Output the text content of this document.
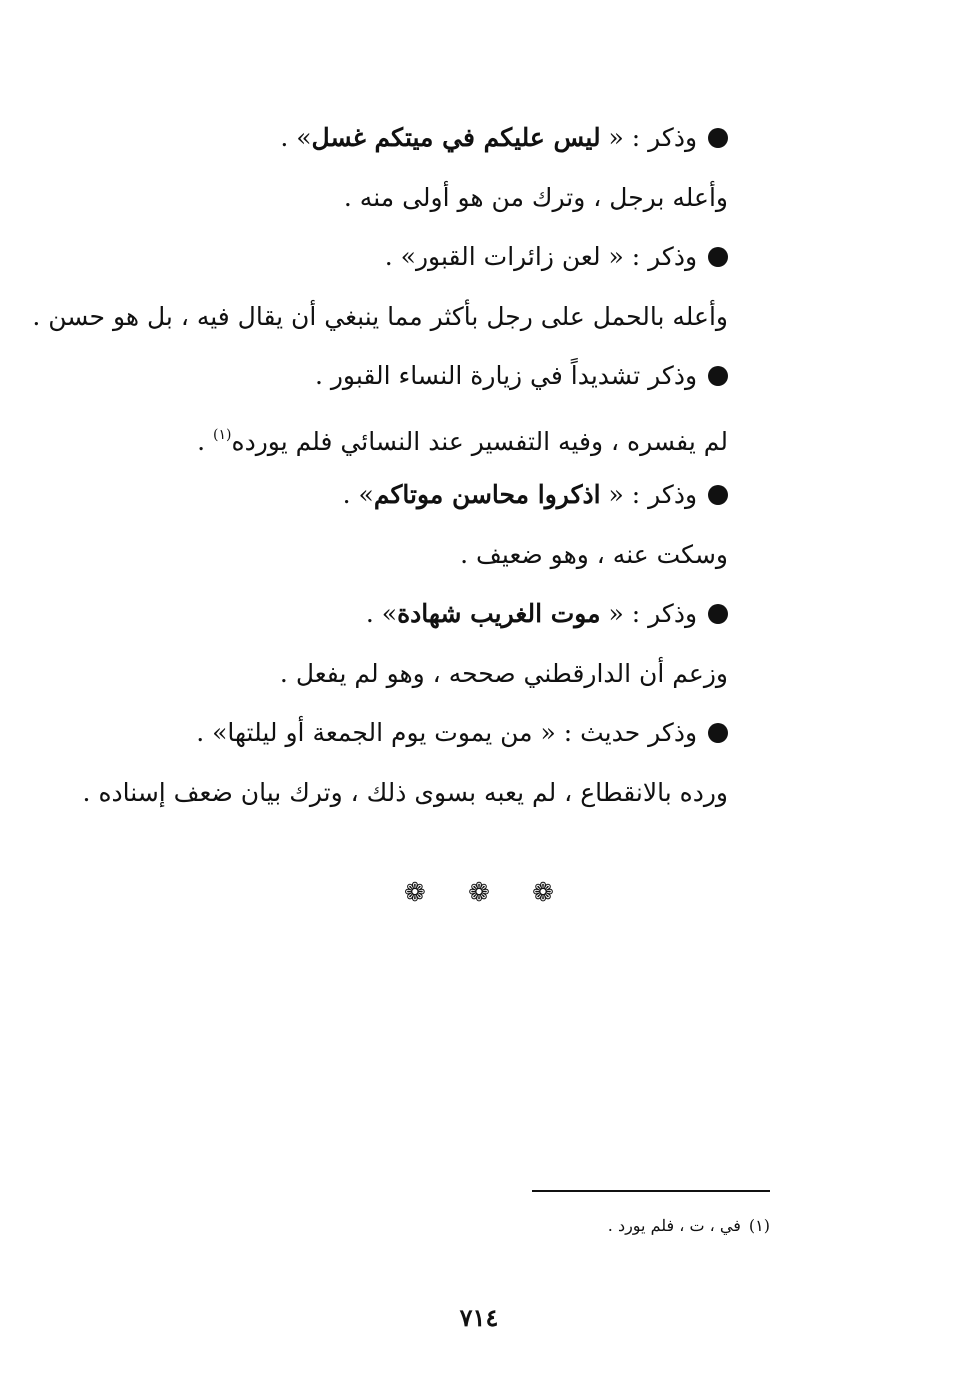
وذكر : « ليس عليكم في ميتكم غسل» .
وأعله برجل ، وترك من هو أولى منه .
وذكر : « لعن زائرات القبور» .
وأعله بالحمل على رجل بأكثر مما ينبغي أن يقال فيه ، بل هو حسن .
وذكر تشديداً في زيارة النساء القبور .
لم يفسره ، وفيه التفسير عند النسائي فلم يورده$^{(١)}$ .
وذكر : « اذكروا محاسن موتاكم» .
وسكت عنه ، وهو ضعيف .
وذكر : « موت الغريب شهادة» .
وزعم أن الدارقطني صححه ، وهو لم يفعل .
وذكر حديث : « من يموت يوم الجمعة أو ليلتها» .
ورده بالانقطاع ، لم يعبه بسوى ذلك ، وترك بيان ضعف إسناده .
❁ ❁ ❁
(١)في ، ت ، فلم يورد .
٧١٤
